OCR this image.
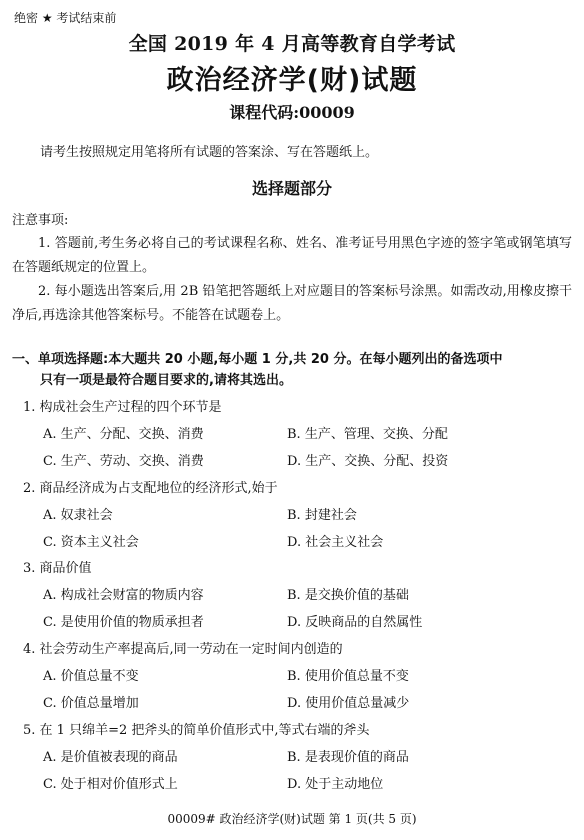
绝密 ★ 考试结束前
全国 2019 年 4 月高等教育自学考试
政治经济学(财)试题
课程代码:00009
请考生按照规定用笔将所有试题的答案涂、写在答题纸上。
选择题部分
注意事项:
1. 答题前,考生务必将自己的考试课程名称、姓名、准考证号用黑色字迹的签字笔或钢笔填写在答题纸规定的位置上。
2. 每小题选出答案后,用 2B 铅笔把答题纸上对应题目的答案标号涂黑。如需改动,用橡皮擦干净后,再选涂其他答案标号。不能答在试题卷上。
一、单项选择题:本大题共 20 小题,每小题 1 分,共 20 分。在每小题列出的备选项中
只有一项是最符合题目要求的,请将其选出。
1. 构成社会生产过程的四个环节是
A. 生产、分配、交换、消费	B. 生产、管理、交换、分配
C. 生产、劳动、交换、消费	D. 生产、交换、分配、投资
2. 商品经济成为占支配地位的经济形式,始于
A. 奴隶社会	B. 封建社会
C. 资本主义社会	D. 社会主义社会
3. 商品价值
A. 构成社会财富的物质内容	B. 是交换价值的基础
C. 是使用价值的物质承担者	D. 反映商品的自然属性
4. 社会劳动生产率提高后,同一劳动在一定时间内创造的
A. 价值总量不变	B. 使用价值总量不变
C. 价值总量增加	D. 使用价值总量减少
5. 在 1 只绵羊=2 把斧头的简单价值形式中,等式右端的斧头
A. 是价值被表现的商品	B. 是表现价值的商品
C. 处于相对价值形式上	D. 处于主动地位
00009# 政治经济学(财)试题 第 1 页(共 5 页)
